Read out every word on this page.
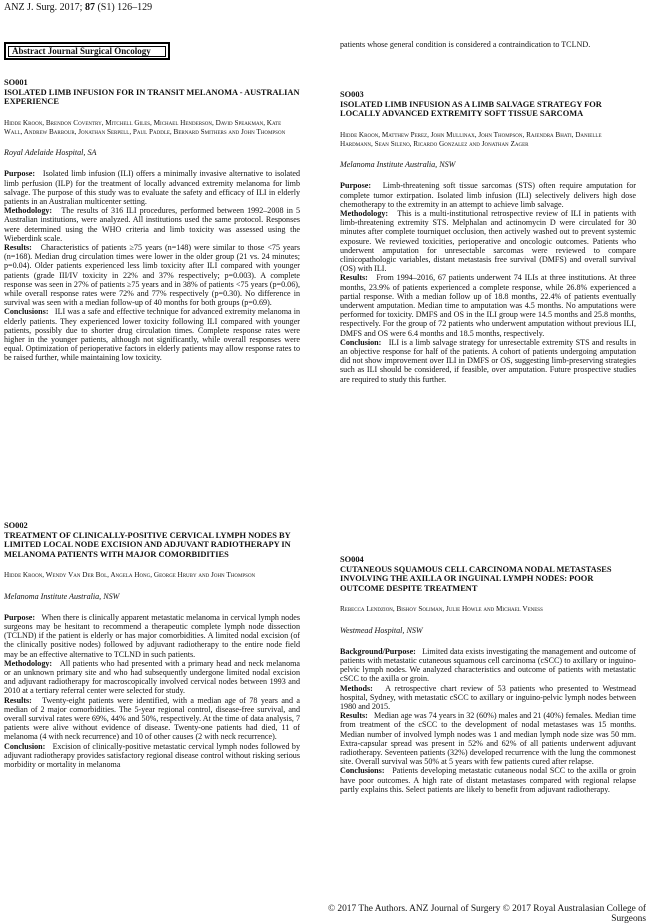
ANZ J. Surg. 2017; 87 (S1) 126–129
Abstract Journal Surgical Oncology
SO001
ISOLATED LIMB INFUSION FOR IN TRANSIT MELANOMA - AUSTRALIAN EXPERIENCE
Hidde Kroon, Brendon Coventry, Mitchell Giles, Michael Henderson, David Speakman, Kate Wall, Andrew Barbour, Jonathan Serpell, Paul Paddle, Bernard Smithers and John Thompson
Royal Adelaide Hospital, SA
Purpose: Isolated limb infusion (ILI) offers a minimally invasive alternative to isolated limb perfusion (ILP) for the treatment of locally advanced extremity melanoma for limb salvage. The purpose of this study was to evaluate the safety and efficacy of ILI in elderly patients in an Australian multicenter setting.
Methodology: The results of 316 ILI procedures, performed between 1992–2008 in 5 Australian institutions, were analyzed. All institutions used the same protocol. Responses were determined using the WHO criteria and limb toxicity was assessed using the Wieberdink scale.
Results: Characteristics of patients ≥75 years (n=148) were similar to those <75 years (n=168). Median drug circulation times were lower in the older group (21 vs. 24 minutes; p=0.04). Older patients experienced less limb toxicity after ILI compared with younger patients (grade III/IV toxicity in 22% and 37% respectively; p=0.003). A complete response was seen in 27% of patients ≥75 years and in 38% of patients <75 years (p=0.06), while overall response rates were 72% and 77% respectively (p=0.30). No difference in survival was seen with a median follow-up of 40 months for both groups (p=0.69).
Conclusions: ILI was a safe and effective technique for advanced extremity melanoma in elderly patients. They experienced lower toxicity following ILI compared with younger patients, possibly due to shorter drug circulation times. Complete response rates were higher in the younger patients, although not significantly, while overall responses were equal. Optimization of perioperative factors in elderly patients may allow response rates to be raised further, while maintaining low toxicity.
SO002
TREATMENT OF CLINICALLY-POSITIVE CERVICAL LYMPH NODES BY LIMITED LOCAL NODE EXCISION AND ADJUVANT RADIOTHERAPY IN MELANOMA PATIENTS WITH MAJOR COMORBIDITIES
Hidde Kroon, Wendy Van Der Bol, Angela Hong, George Hruby and John Thompson
Melanoma Institute Australia, NSW
Purpose: When there is clinically apparent metastatic melanoma in cervical lymph nodes surgeons may be hesitant to recommend a therapeutic complete lymph node dissection (TCLND) if the patient is elderly or has major comorbidities. A limited nodal excision (of the clinically positive nodes) followed by adjuvant radiotherapy to the entire node field may be an effective alternative to TCLND in such patients.
Methodology: All patients who had presented with a primary head and neck melanoma or an unknown primary site and who had subsequently undergone limited nodal excision and adjuvant radiotherapy for macroscopically involved cervical nodes between 1993 and 2010 at a tertiary referral center were selected for study.
Results: Twenty-eight patients were identified, with a median age of 78 years and a median of 2 major comorbidities. The 5-year regional control, disease-free survival, and overall survival rates were 69%, 44% and 50%, respectively. At the time of data analysis, 7 patients were alive without evidence of disease. Twenty-one patients had died, 11 of melanoma (4 with neck recurrence) and 10 of other causes (2 with neck recurrence).
Conclusion: Excision of clinically-positive metastatic cervical lymph nodes followed by adjuvant radiotherapy provides satisfactory regional disease control without risking serious morbidity or mortality in melanoma
patients whose general condition is considered a contraindication to TCLND.
SO003
ISOLATED LIMB INFUSION AS A LIMB SALVAGE STRATEGY FOR LOCALLY ADVANCED EXTREMITY SOFT TISSUE SARCOMA
Hidde Kroon, Matthew Perez, John Mullinax, John Thompson, Rajendra Bhati, Danielle Hardmann, Sean Sileno, Ricardo Gonzalez and Jonathan Zager
Melanoma Institute Australia, NSW
Purpose: Limb-threatening soft tissue sarcomas (STS) often require amputation for complete tumor extirpation. Isolated limb infusion (ILI) selectively delivers high dose chemotherapy to the extremity in an attempt to achieve limb salvage.
Methodology: This is a multi-institutional retrospective review of ILI in patients with limb-threatening extremity STS. Melphalan and actinomycin D were circulated for 30 minutes after complete tourniquet occlusion, then actively washed out to prevent systemic exposure. We reviewed toxicities, perioperative and oncologic outcomes. Patients who underwent amputation for unresectable sarcomas were reviewed to compare clinicopathologic variables, distant metastasis free survival (DMFS) and overall survival (OS) with ILI.
Results: From 1994–2016, 67 patients underwent 74 ILIs at three institutions. At three months, 23.9% of patients experienced a complete response, while 26.8% experienced a partial response. With a median follow up of 18.8 months, 22.4% of patients eventually underwent amputation. Median time to amputation was 4.5 months. No amputations were performed for toxicity. DMFS and OS in the ILI group were 14.5 months and 25.8 months, respectively. For the group of 72 patients who underwent amputation without previous ILI, DMFS and OS were 6.4 months and 18.5 months, respectively.
Conclusion: ILI is a limb salvage strategy for unresectable extremity STS and results in an objective response for half of the patients. A cohort of patients undergoing amputation did not show improvement over ILI in DMFS or OS, suggesting limb-preserving strategies such as ILI should be considered, if feasible, over amputation. Future prospective studies are required to study this further.
SO004
CUTANEOUS SQUAMOUS CELL CARCINOMA NODAL METASTASES INVOLVING THE AXILLA OR INGUINAL LYMPH NODES: POOR OUTCOME DESPITE TREATMENT
Rebecca Lendzion, Bishoy Soliman, Julie Howle and Michael Veness
Westmead Hospital, NSW
Background/Purpose: Limited data exists investigating the management and outcome of patients with metastatic cutaneous squamous cell carcinoma (cSCC) to axillary or inguino-pelvic lymph nodes. We analyzed characteristics and outcome of patients with metastatic cSCC to the axilla or groin.
Methods: A retrospective chart review of 53 patients who presented to Westmead hospital, Sydney, with metastatic cSCC to axillary or inguino-pelvic lymph nodes between 1980 and 2015.
Results: Median age was 74 years in 32 (60%) males and 21 (40%) females. Median time from treatment of the cSCC to the development of nodal metastases was 15 months. Median number of involved lymph nodes was 1 and median lymph node size was 50 mm. Extra-capsular spread was present in 52% and 62% of all patients underwent adjuvant radiotherapy. Seventeen patients (32%) developed recurrence with the lung the commonest site. Overall survival was 50% at 5 years with few patients cured after relapse.
Conclusions: Patients developing metastatic cutaneous nodal SCC to the axilla or groin have poor outcomes. A high rate of distant metastases compared with regional relapse partly explains this. Select patients are likely to benefit from adjuvant radiotherapy.
© 2017 The Authors. ANZ Journal of Surgery © 2017 Royal Australasian College of Surgeons
